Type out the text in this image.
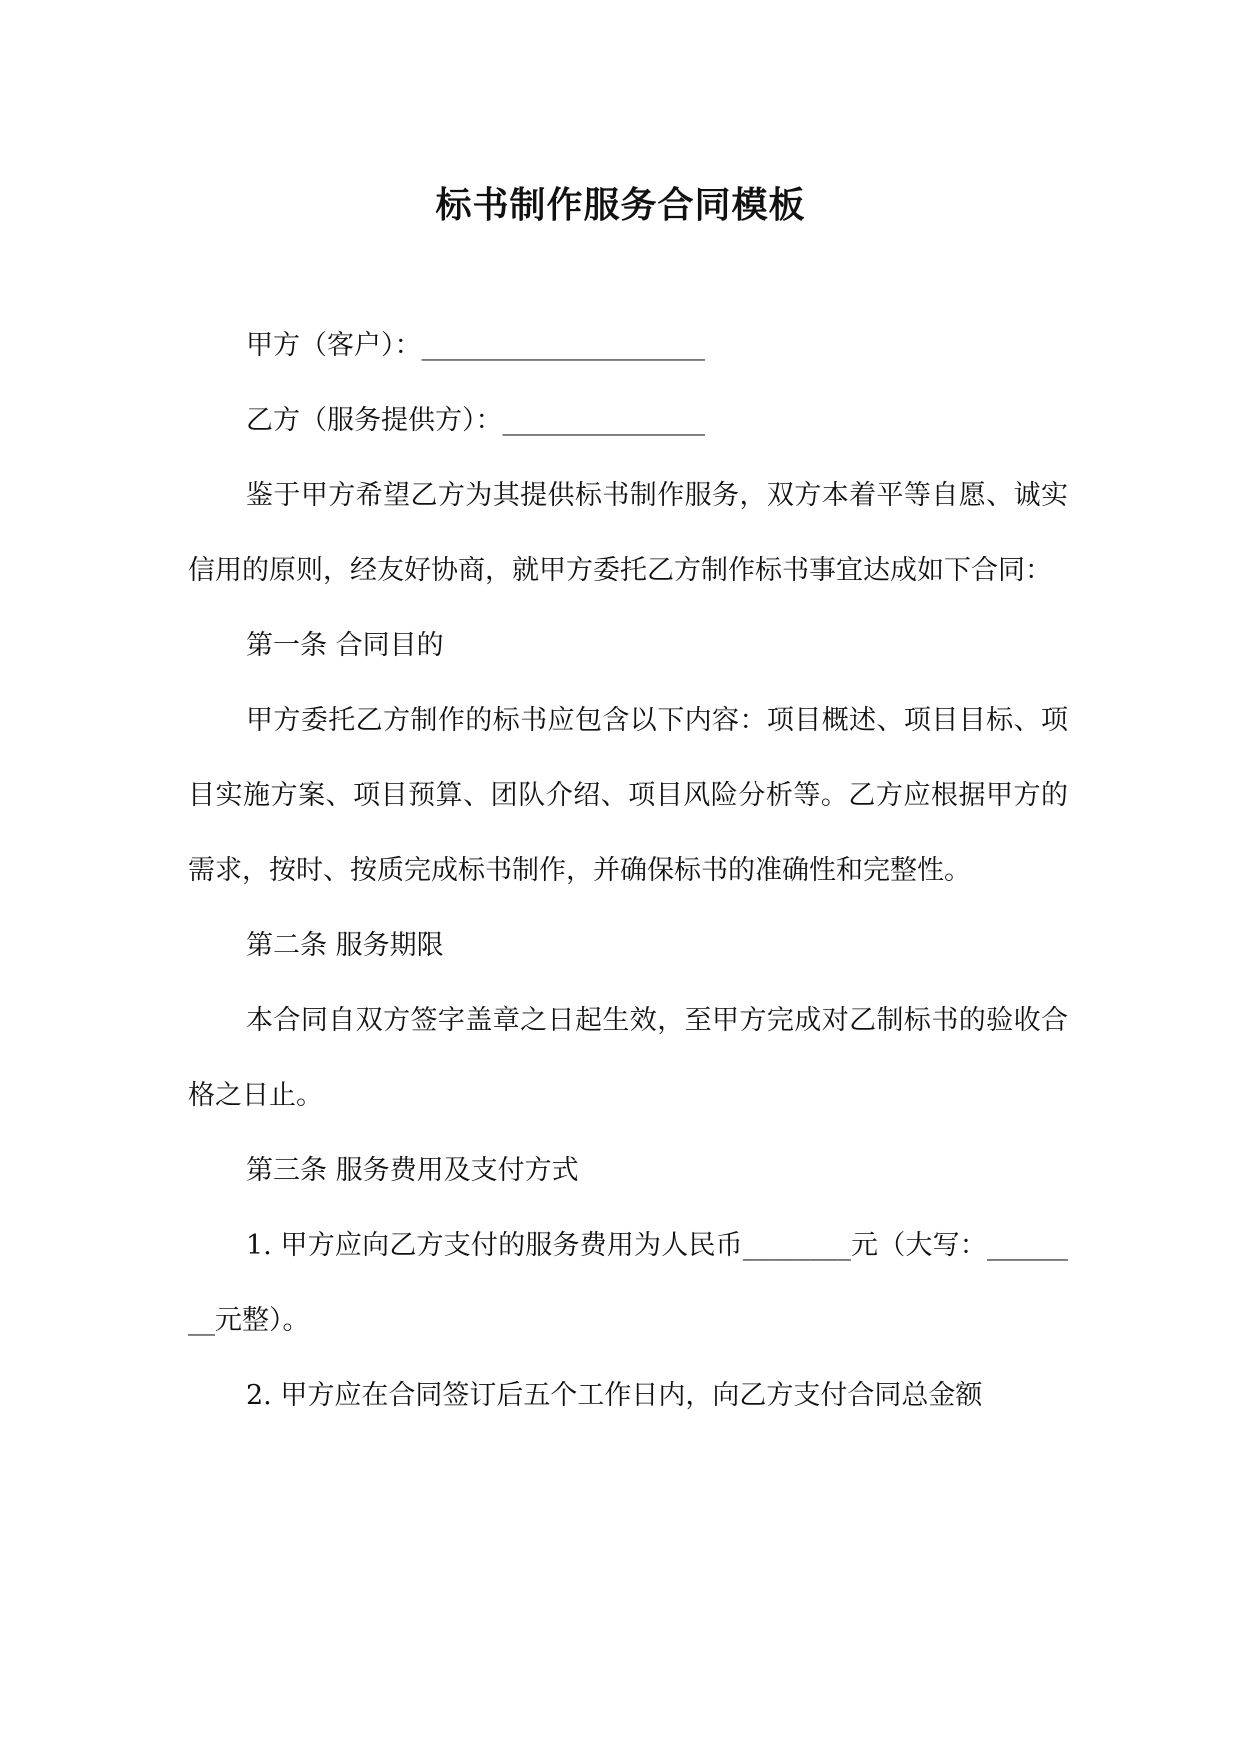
标书制作服务合同模板

甲方（客户）：_____________________

乙方（服务提供方）：_______________

鉴于甲方希望乙方为其提供标书制作服务，双方本着平等自愿、诚实信用的原则，经友好协商，就甲方委托乙方制作标书事宜达成如下合同：

第一条 合同目的

甲方委托乙方制作的标书应包含以下内容：项目概述、项目目标、项目实施方案、项目预算、团队介绍、项目风险分析等。乙方应根据甲方的需求，按时、按质完成标书制作，并确保标书的准确性和完整性。

第二条 服务期限

本合同自双方签字盖章之日起生效，至甲方完成对乙制标书的验收合格之日止。

第三条 服务费用及支付方式

1. 甲方应向乙方支付的服务费用为人民币________元（大写：________元整）。

2. 甲方应在合同签订后五个工作日内，向乙方支付合同总金额
